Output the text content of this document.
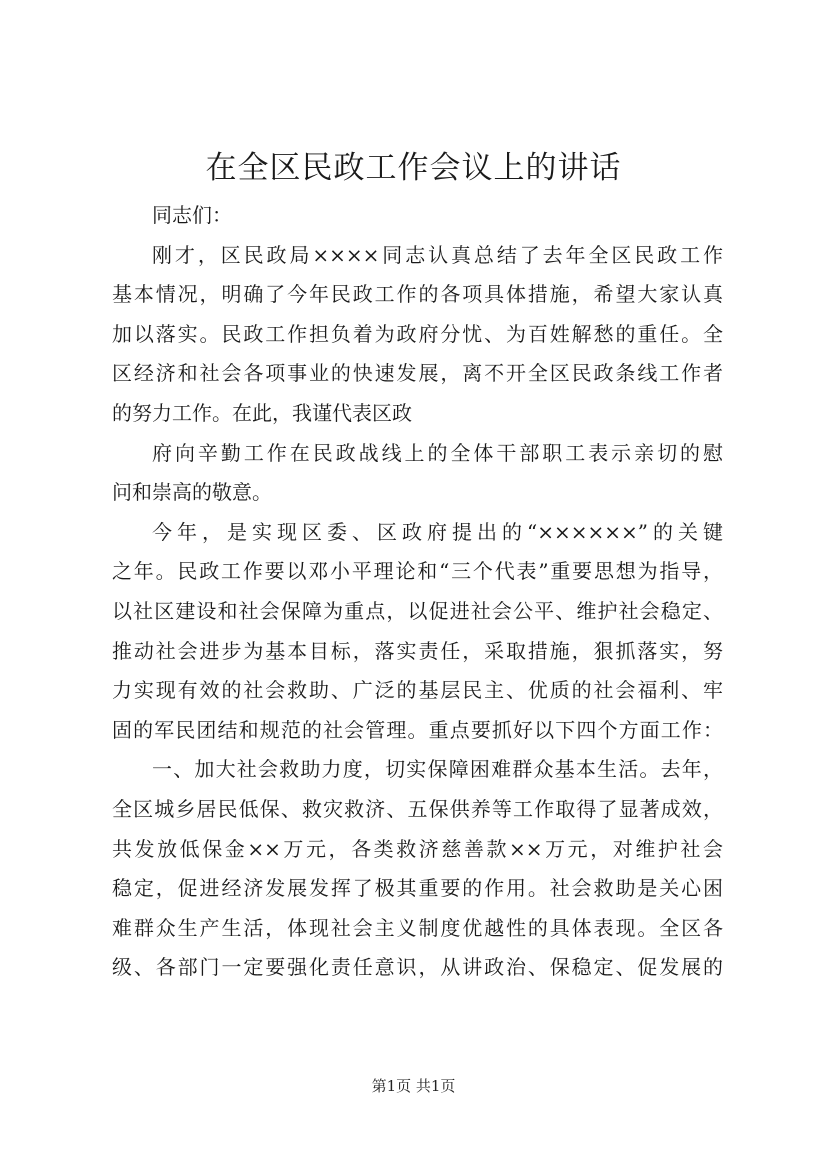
在全区民政工作会议上的讲话
同志们：
刚才，区民政局××××同志认真总结了去年全区民政工作
基本情况，明确了今年民政工作的各项具体措施，希望大家认真
加以落实。民政工作担负着为政府分忧、为百姓解愁的重任。全
区经济和社会各项事业的快速发展，离不开全区民政条线工作者
的努力工作。在此，我谨代表区政
府向辛勤工作在民政战线上的全体干部职工表示亲切的慰
问和崇高的敬意。
今年，是实现区委、区政府提出的“××××××”的关键
之年。民政工作要以邓小平理论和“三个代表”重要思想为指导，
以社区建设和社会保障为重点，以促进社会公平、维护社会稳定、
推动社会进步为基本目标，落实责任，采取措施，狠抓落实，努
力实现有效的社会救助、广泛的基层民主、优质的社会福利、牢
固的军民团结和规范的社会管理。重点要抓好以下四个方面工作：
一、加大社会救助力度，切实保障困难群众基本生活。去年，
全区城乡居民低保、救灾救济、五保供养等工作取得了显著成效，
共发放低保金××万元，各类救济慈善款××万元，对维护社会
稳定，促进经济发展发挥了极其重要的作用。社会救助是关心困
难群众生产生活，体现社会主义制度优越性的具体表现。全区各
级、各部门一定要强化责任意识，从讲政治、保稳定、促发展的
第1页 共1页
